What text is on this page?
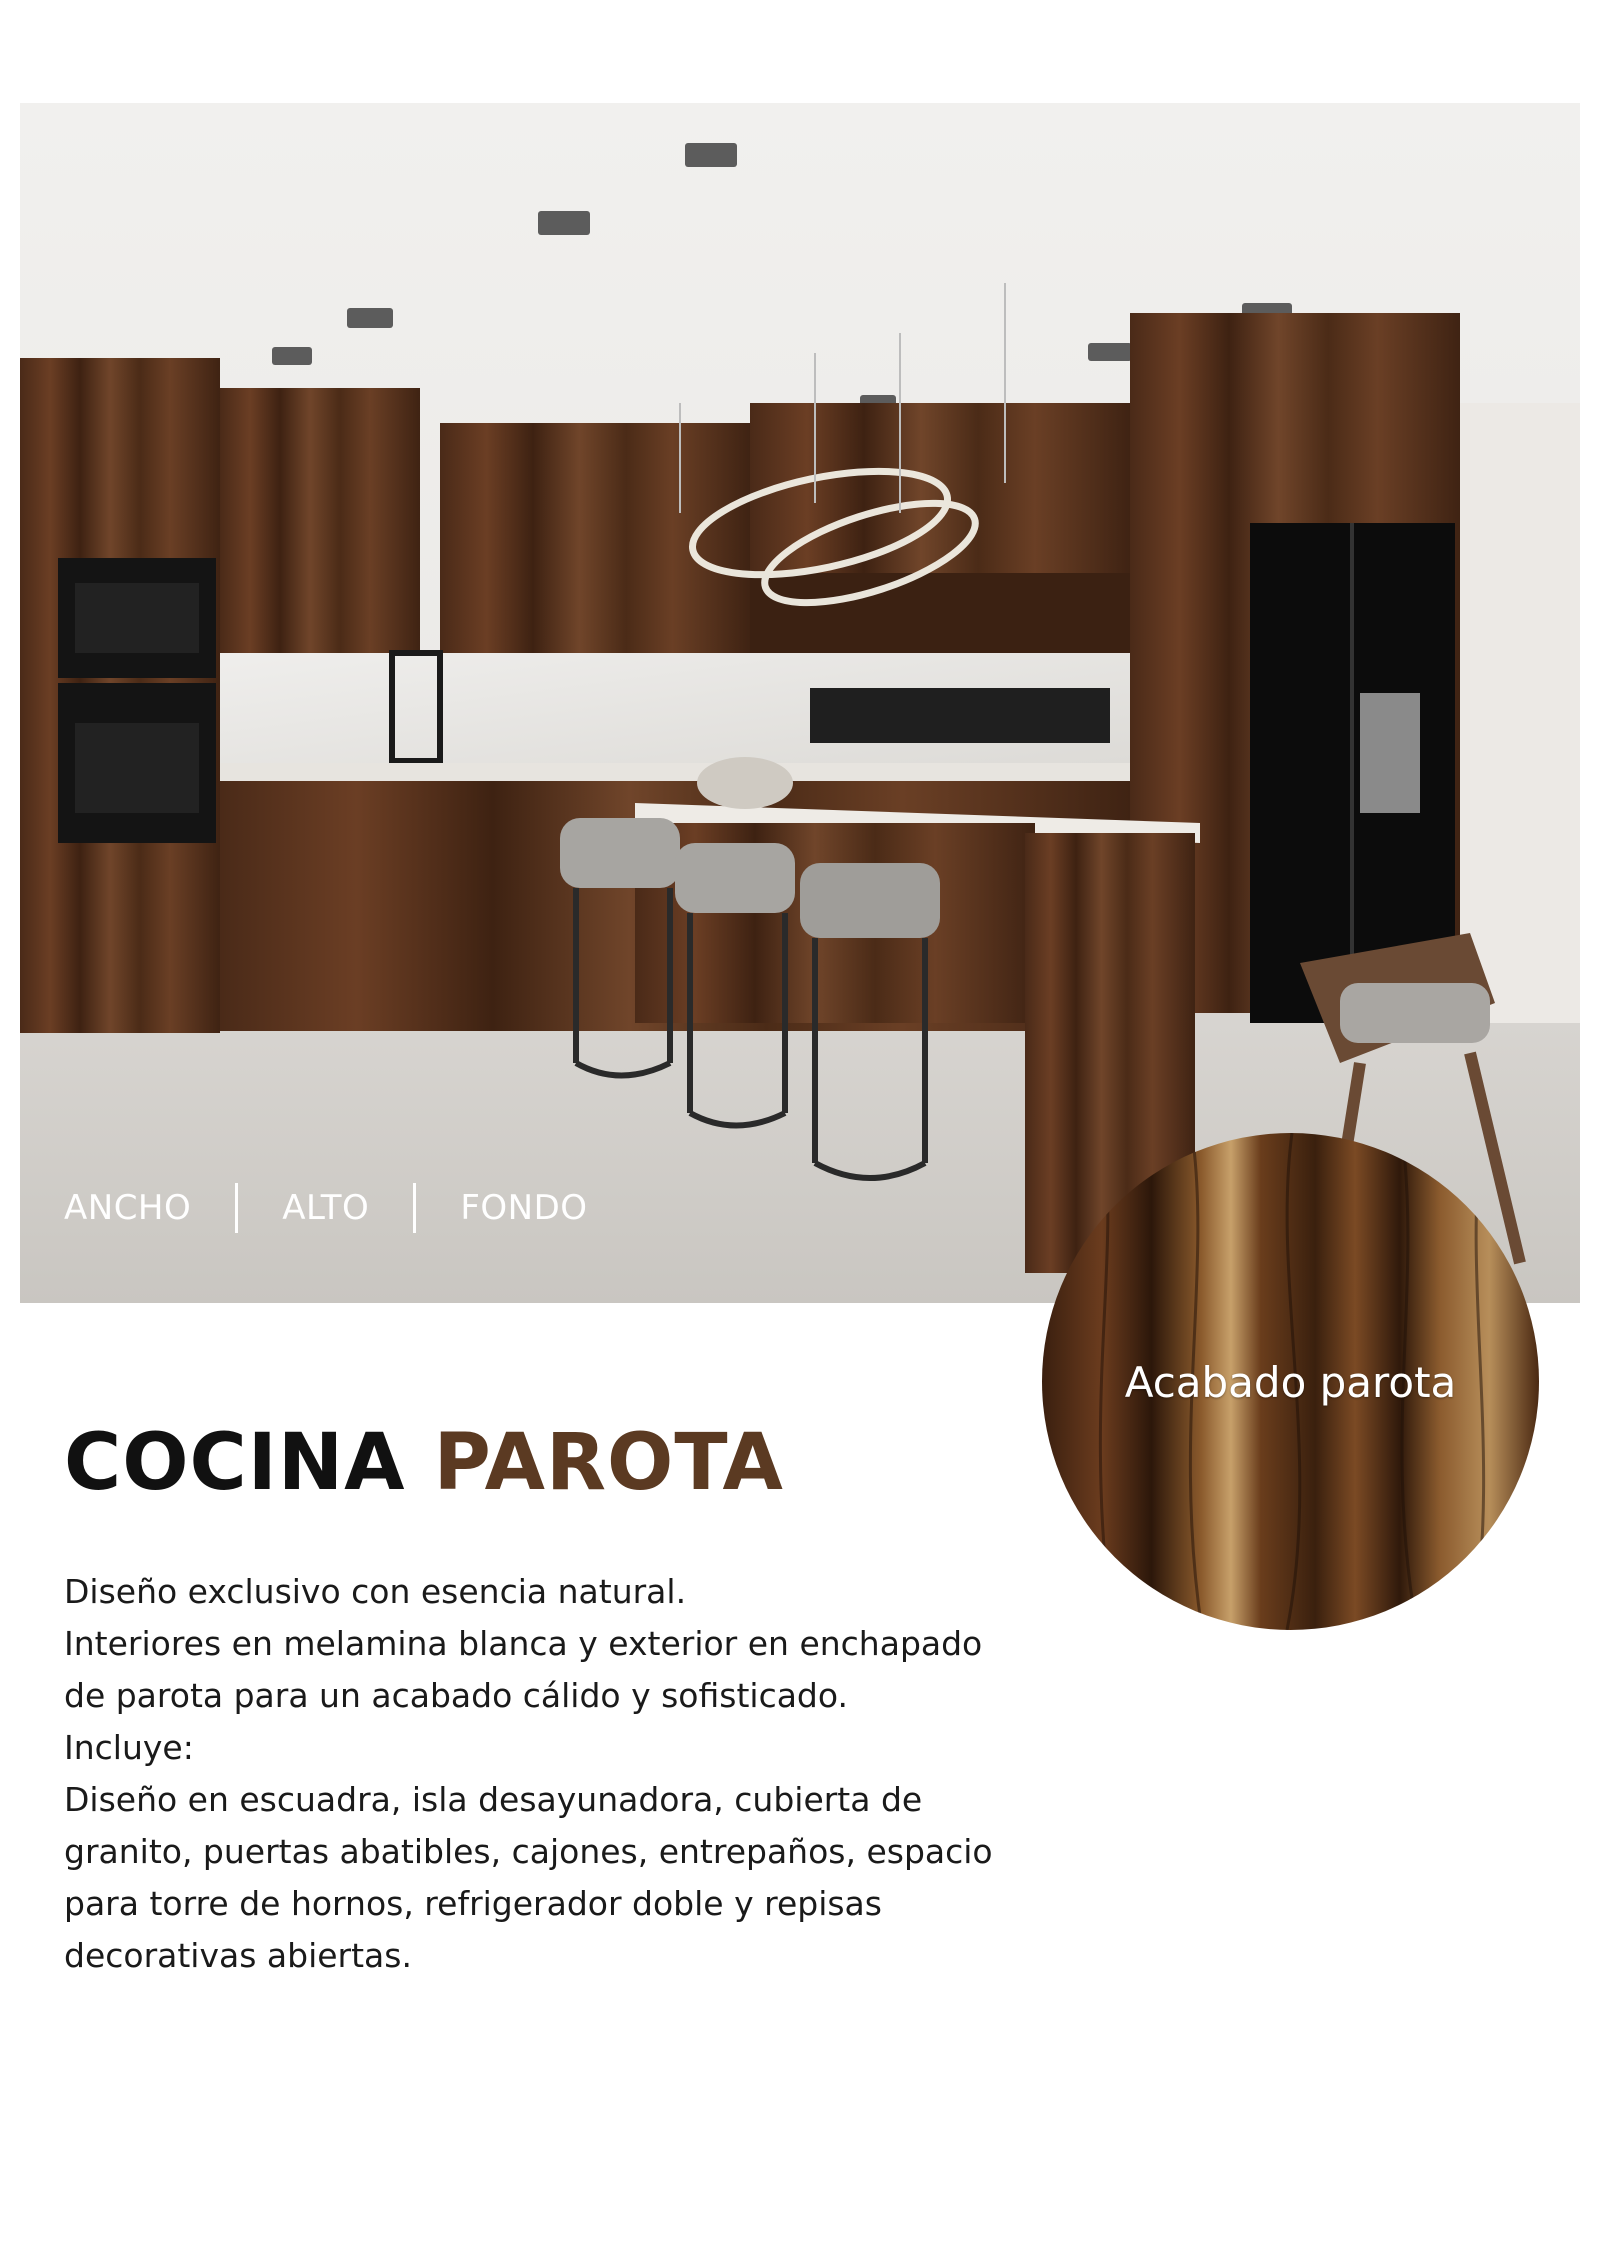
ANCHO	ALTO	FONDO
Acabado parota
COCINA PAROTA

Diseño exclusivo con esencia natural.

Interiores en melamina blanca y exterior en enchapado

de parota para un acabado cálido y sofisticado.

Incluye:

Diseño en escuadra, isla desayunadora, cubierta de

granito, puertas abatibles, cajones, entrepaños, espacio

para torre de hornos, refrigerador doble y repisas

decorativas abiertas.
